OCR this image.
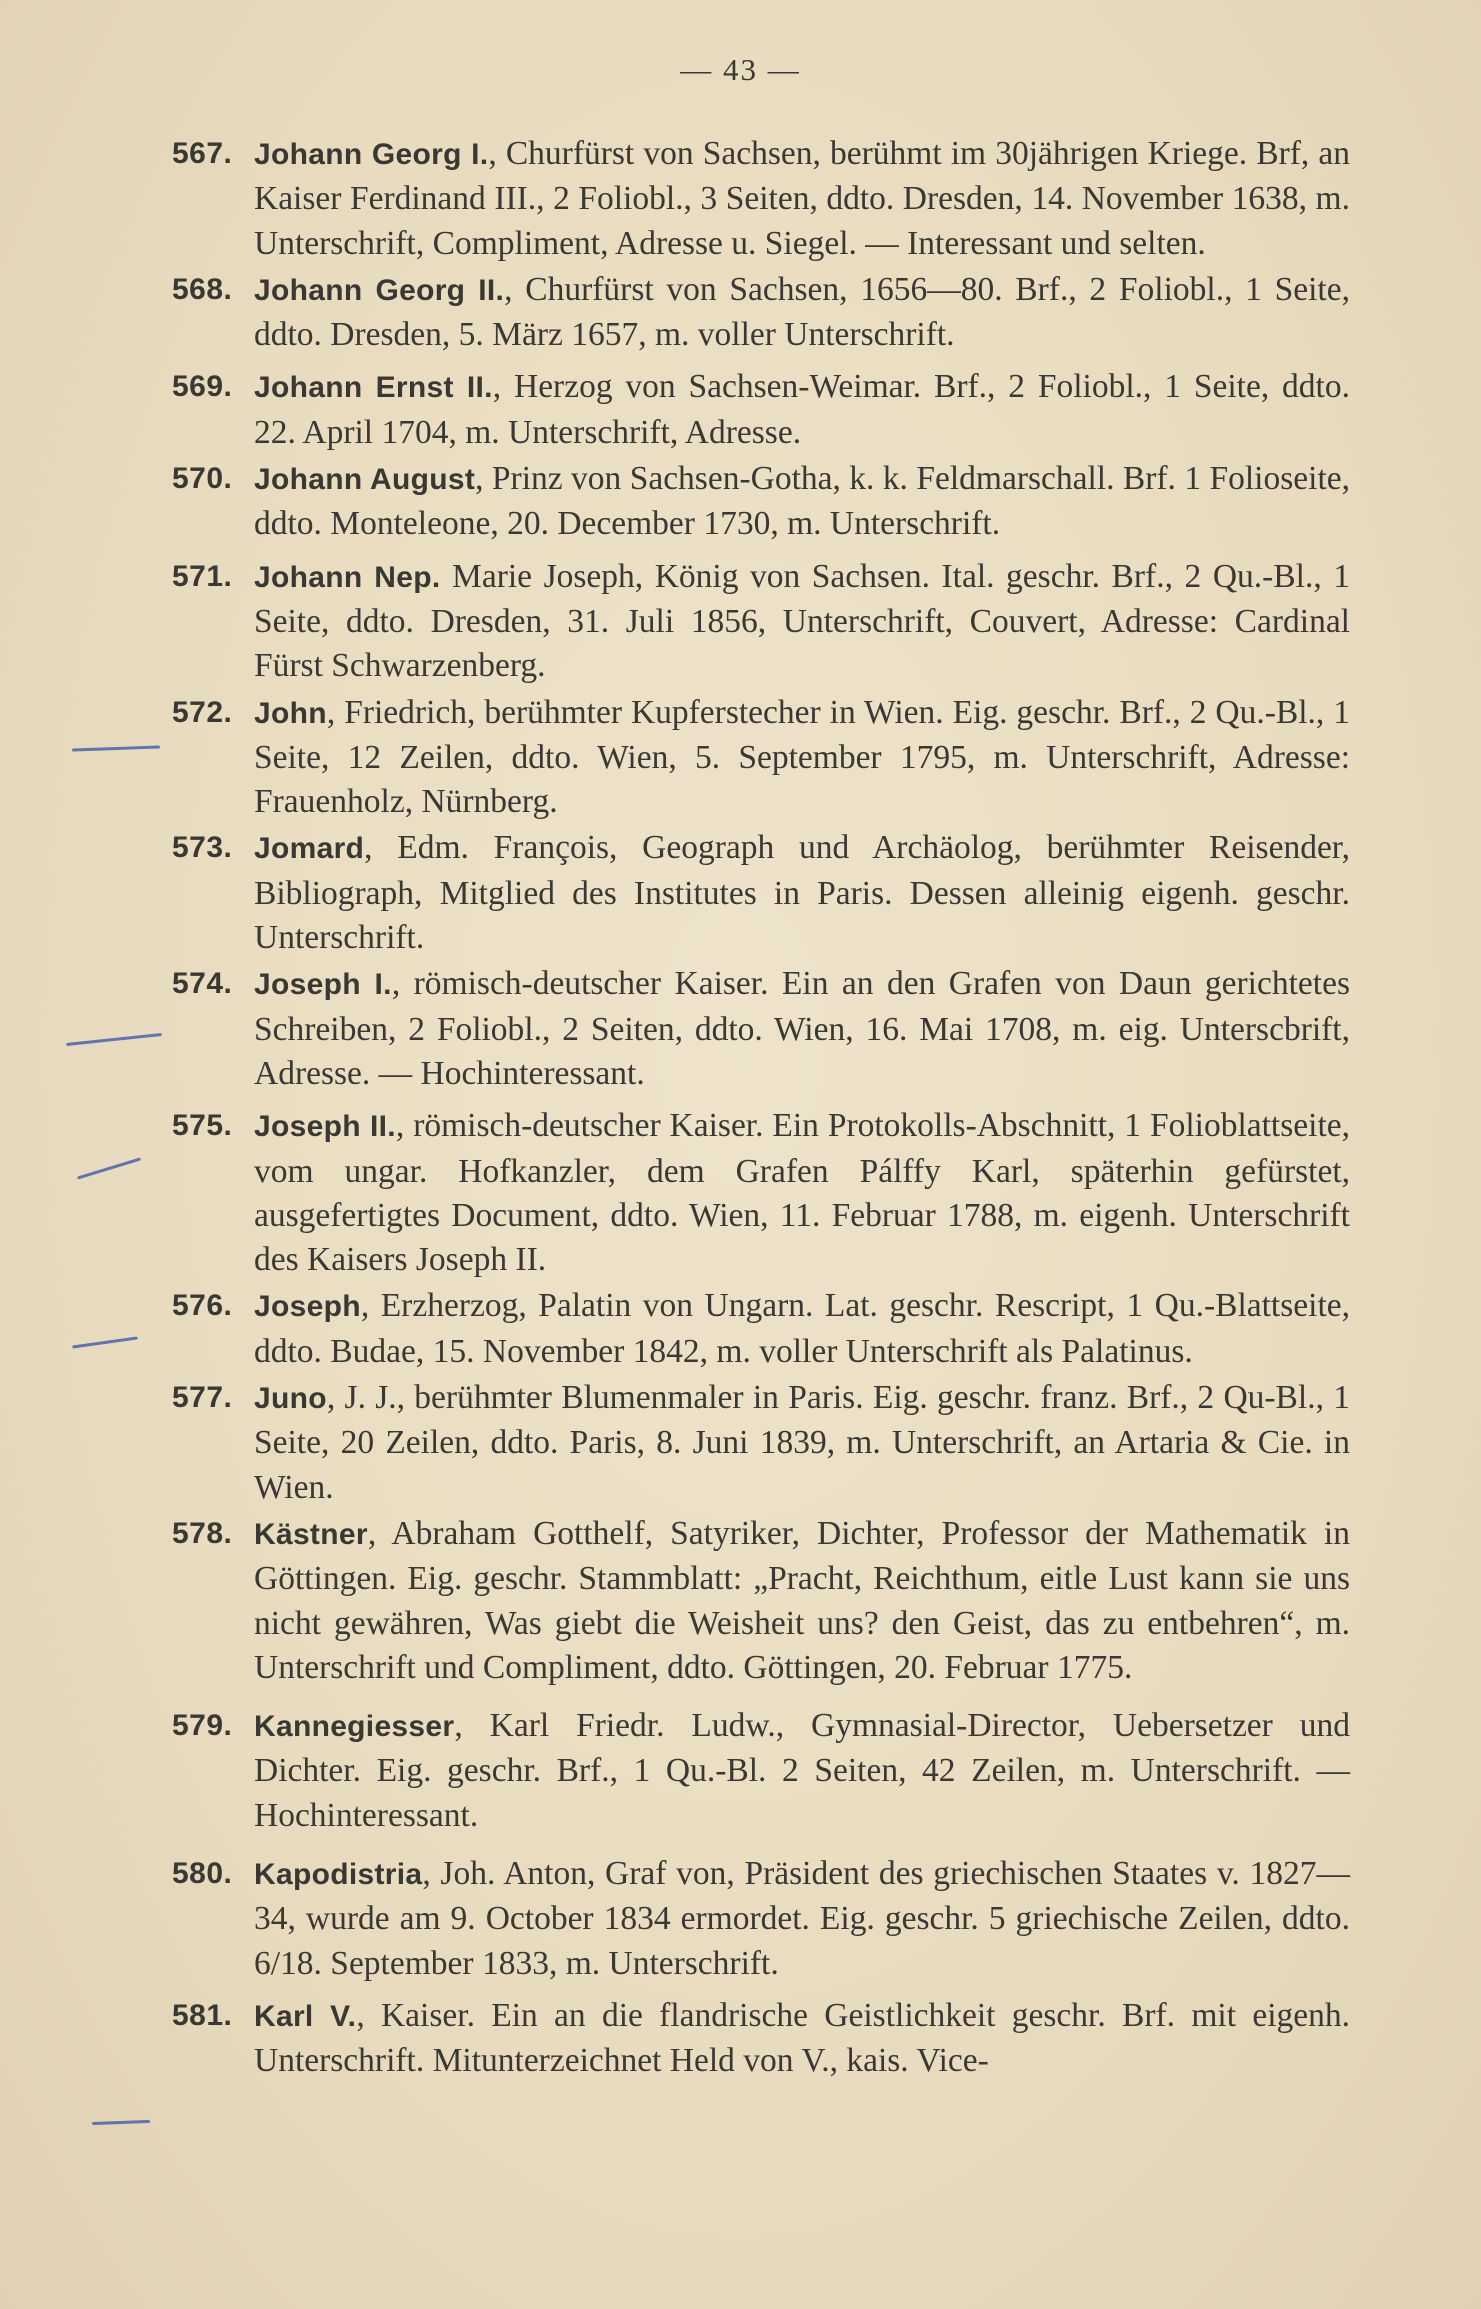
— 43 —
567. Johann Georg I., Churfürst von Sachsen, berühmt im 30jährigen Kriege. Brf, an Kaiser Ferdinand III., 2 Foliobl., 3 Seiten, ddto. Dresden, 14. November 1638, m. Unterschrift, Compliment, Adresse u. Siegel. — Interessant und selten.
568. Johann Georg II., Churfürst von Sachsen, 1656—80. Brf., 2 Foliobl., 1 Seite, ddto. Dresden, 5. März 1657, m. voller Unterschrift.
569. Johann Ernst II., Herzog von Sachsen-Weimar. Brf., 2 Foliobl., 1 Seite, ddto. 22. April 1704, m. Unterschrift, Adresse.
570. Johann August, Prinz von Sachsen-Gotha, k. k. Feldmarschall. Brf. 1 Folioseite, ddto. Monteleone, 20. December 1730, m. Unterschrift.
571. Johann Nep. Marie Joseph, König von Sachsen. Ital. geschr. Brf., 2 Qu.-Bl., 1 Seite, ddto. Dresden, 31. Juli 1856, Unterschrift, Couvert, Adresse: Cardinal Fürst Schwarzenberg.
572. John, Friedrich, berühmter Kupferstecher in Wien. Eig. geschr. Brf., 2 Qu.-Bl., 1 Seite, 12 Zeilen, ddto. Wien, 5. September 1795, m. Unterschrift, Adresse: Frauenholz, Nürnberg.
573. Jomard, Edm. François, Geograph und Archäolog, berühmter Reisender, Bibliograph, Mitglied des Institutes in Paris. Dessen alleinig eigenh. geschr. Unterschrift.
574. Joseph I., römisch-deutscher Kaiser. Ein an den Grafen von Daun gerichtetes Schreiben, 2 Foliobl., 2 Seiten, ddto. Wien, 16. Mai 1708, m. eig. Unterscbrift, Adresse. — Hochinteressant.
575. Joseph II., römisch-deutscher Kaiser. Ein Protokolls-Abschnitt, 1 Folioblattseite, vom ungar. Hofkanzler, dem Grafen Pálffy Karl, späterhin gefürstet, ausgefertigtes Document, ddto. Wien, 11. Februar 1788, m. eigenh. Unterschrift des Kaisers Joseph II.
576. Joseph, Erzherzog, Palatin von Ungarn. Lat. geschr. Rescript, 1 Qu.-Blattseite, ddto. Budae, 15. November 1842, m. voller Unterschrift als Palatinus.
577. Juno, J. J., berühmter Blumenmaler in Paris. Eig. geschr. franz. Brf., 2 Qu-Bl., 1 Seite, 20 Zeilen, ddto. Paris, 8. Juni 1839, m. Unterschrift, an Artaria & Cie. in Wien.
578. Kästner, Abraham Gotthelf, Satyriker, Dichter, Professor der Mathematik in Göttingen. Eig. geschr. Stammblatt: „Pracht, Reichthum, eitle Lust kann sie uns nicht gewähren, Was giebt die Weisheit uns? den Geist, das zu entbehren“, m. Unterschrift und Compliment, ddto. Göttingen, 20. Februar 1775.
579. Kannegiesser, Karl Friedr. Ludw., Gymnasial-Director, Uebersetzer und Dichter. Eig. geschr. Brf., 1 Qu.-Bl. 2 Seiten, 42 Zeilen, m. Unterschrift. — Hochinteressant.
580. Kapodistria, Joh. Anton, Graf von, Präsident des griechischen Staates v. 1827—34, wurde am 9. October 1834 ermordet. Eig. geschr. 5 griechische Zeilen, ddto. 6/18. September 1833, m. Unterschrift.
581. Karl V., Kaiser. Ein an die flandrische Geistlichkeit geschr. Brf. mit eigenh. Unterschrift. Mitunterzeichnet Held von V., kais. Vice-
